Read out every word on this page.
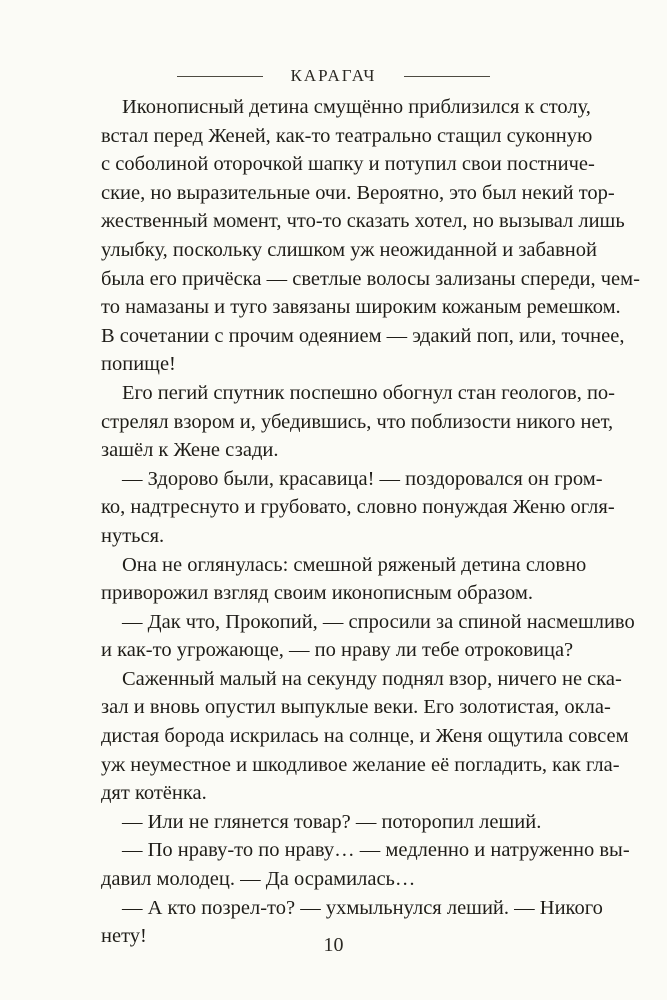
КАРАГАЧ

Иконописный детина смущённо приблизился к столу,
встал перед Женей, как-то театрально стащил суконную
с соболиной оторочкой шапку и потупил свои постниче-
ские, но выразительные очи. Вероятно, это был некий тор-
жественный момент, что-то сказать хотел, но вызывал лишь
улыбку, поскольку слишком уж неожиданной и забавной
была его причёска — светлые волосы зализаны спереди, чем-
то намазаны и туго завязаны широким кожаным ремешком.
В сочетании с прочим одеянием — эдакий поп, или, точнее,
попище!

Его пегий спутник поспешно обогнул стан геологов, по-
стрелял взором и, убедившись, что поблизости никого нет,
зашёл к Жене сзади.

— Здорово были, красавица! — поздоровался он гром-
ко, надтреснуто и грубовато, словно понуждая Женю огля-
нуться.

Она не оглянулась: смешной ряженый детина словно
приворожил взгляд своим иконописным образом.

— Дак что, Прокопий, — спросили за спиной насмешливо
и как-то угрожающе, — по нраву ли тебе отроковица?

Саженный малый на секунду поднял взор, ничего не ска-
зал и вновь опустил выпуклые веки. Его золотистая, окла-
дистая борода искрилась на солнце, и Женя ощутила совсем
уж неуместное и шкодливое желание её погладить, как гла-
дят котёнка.

— Или не глянется товар? — поторопил леший.

— По нраву-то по нраву… — медленно и натруженно вы-
давил молодец. — Да осрамилась…

— А кто позрел-то? — ухмыльнулся леший. — Никого
нету!	10
